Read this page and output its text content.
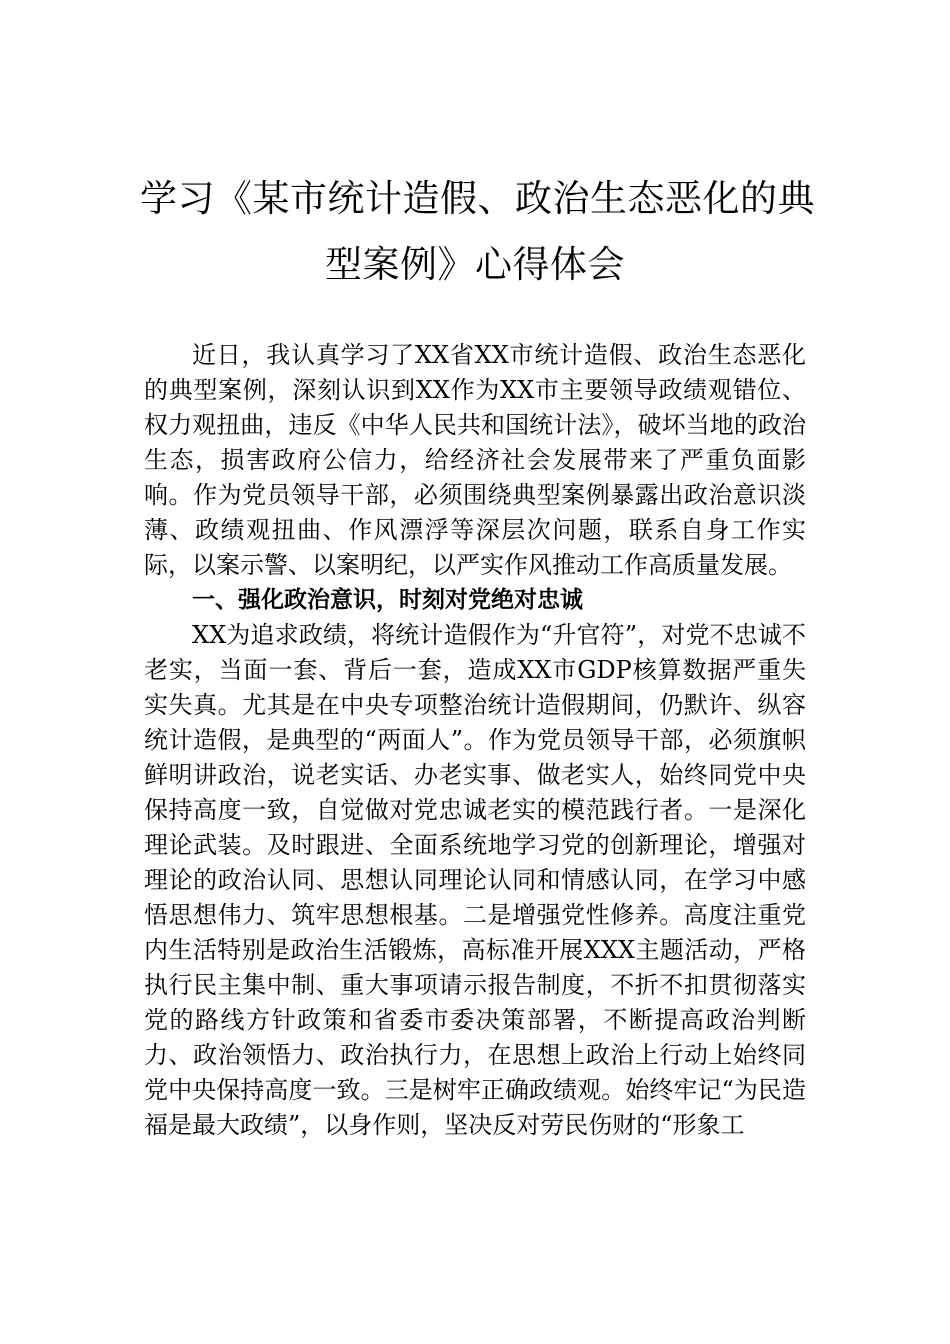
学习《某市统计造假、政治生态恶化的典
型案例》心得体会

近日，我认真学习了XX省XX市统计造假、政治生态恶化的典型案例，深刻认识到XX作为XX市主要领导政绩观错位、权力观扭曲，违反《中华人民共和国统计法》，破坏当地的政治生态，损害政府公信力，给经济社会发展带来了严重负面影响。作为党员领导干部，必须围绕典型案例暴露出政治意识淡薄、政绩观扭曲、作风漂浮等深层次问题，联系自身工作实际，以案示警、以案明纪，以严实作风推动工作高质量发展。

一、强化政治意识，时刻对党绝对忠诚

XX为追求政绩，将统计造假作为“升官符”，对党不忠诚不老实，当面一套、背后一套，造成XX市GDP核算数据严重失实失真。尤其是在中央专项整治统计造假期间，仍默许、纵容统计造假，是典型的“两面人”。作为党员领导干部，必须旗帜鲜明讲政治，说老实话、办老实事、做老实人，始终同党中央保持高度一致，自觉做对党忠诚老实的模范践行者。一是深化理论武装。及时跟进、全面系统地学习党的创新理论，增强对理论的政治认同、思想认同理论认同和情感认同，在学习中感悟思想伟力、筑牢思想根基。二是增强党性修养。高度注重党内生活特别是政治生活锻炼，高标准开展XXX主题活动，严格执行民主集中制、重大事项请示报告制度，不折不扣贯彻落实党的路线方针政策和省委市委决策部署，不断提高政治判断力、政治领悟力、政治执行力，在思想上政治上行动上始终同党中央保持高度一致。三是树牢正确政绩观。始终牢记“为民造福是最大政绩”，以身作则，坚决反对劳民伤财的“形象工
